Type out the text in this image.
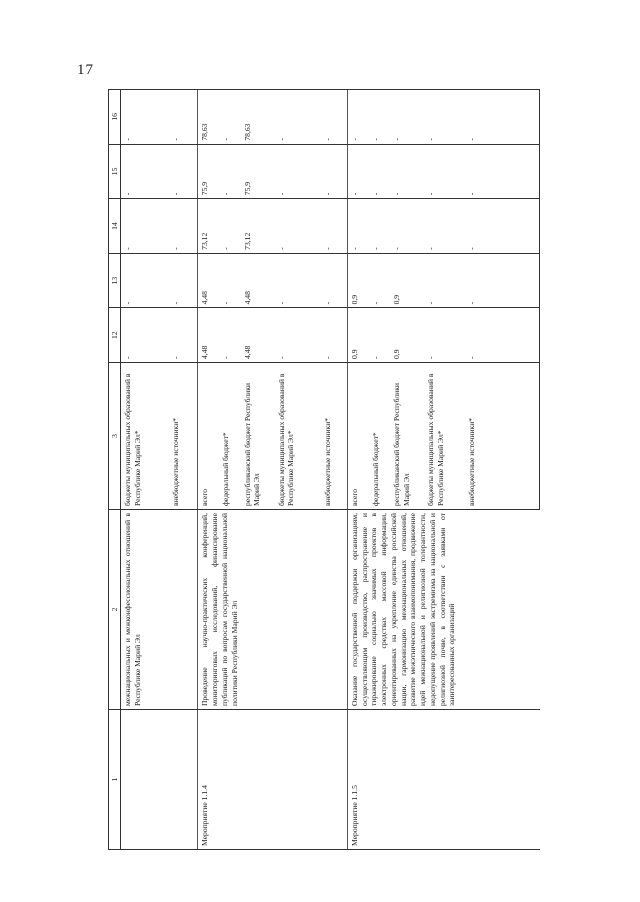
17
1	2	3	12	13	14	15	16
	межнациональных и межконфессиональных отношений в Республике Марий Эл	бюджеты муниципальных образований в Республике Марий Эл*	-	-	-	-	-
		внебюджетные источники*	-	-	-	-	-
Мероприятие 1.1.4	Проведение научно-практических конференций, мониторинговых исследований, финансирование публикаций по вопросам государственной национальной политики Республики Марий Эл	всего	4,48	4,48	73,12	75,9	78,63
		федеральный бюджет*	-	-	-	-	-
		республиканский бюджет Республики Марий Эл	4,48	4,48	73,12	75,9	78,63
		бюджеты муниципальных образований в Республике Марий Эл*	-	-	-	-	-
		внебюджетные источники*	-	-	-	-	-
Мероприятие 1.1.5	Оказание государственной поддержки организациям, осуществляющим производство, распространение и тиражирование социально значимых проектов в электронных средствах массовой информации, ориентированных на укрепление единства российской нации, гармонизацию межнациональных отношений, развитие межэтнического взаимопонимания, продвижение идей межнациональной и религиозной толерантности, недопущение проявлений экстремизма на национальной и религиозной почве, в соответствии с заявками от заинтересованных организаций	всего	0,9	0,9	-	-	-
		федеральный бюджет*	-	-	-	-	-
		республиканский бюджет Республики Марий Эл	0,9	0,9	-	-	-
		бюджеты муниципальных образований в Республике Марий Эл*	-	-	-	-	-
		внебюджетные источники*	-	-	-	-	-
